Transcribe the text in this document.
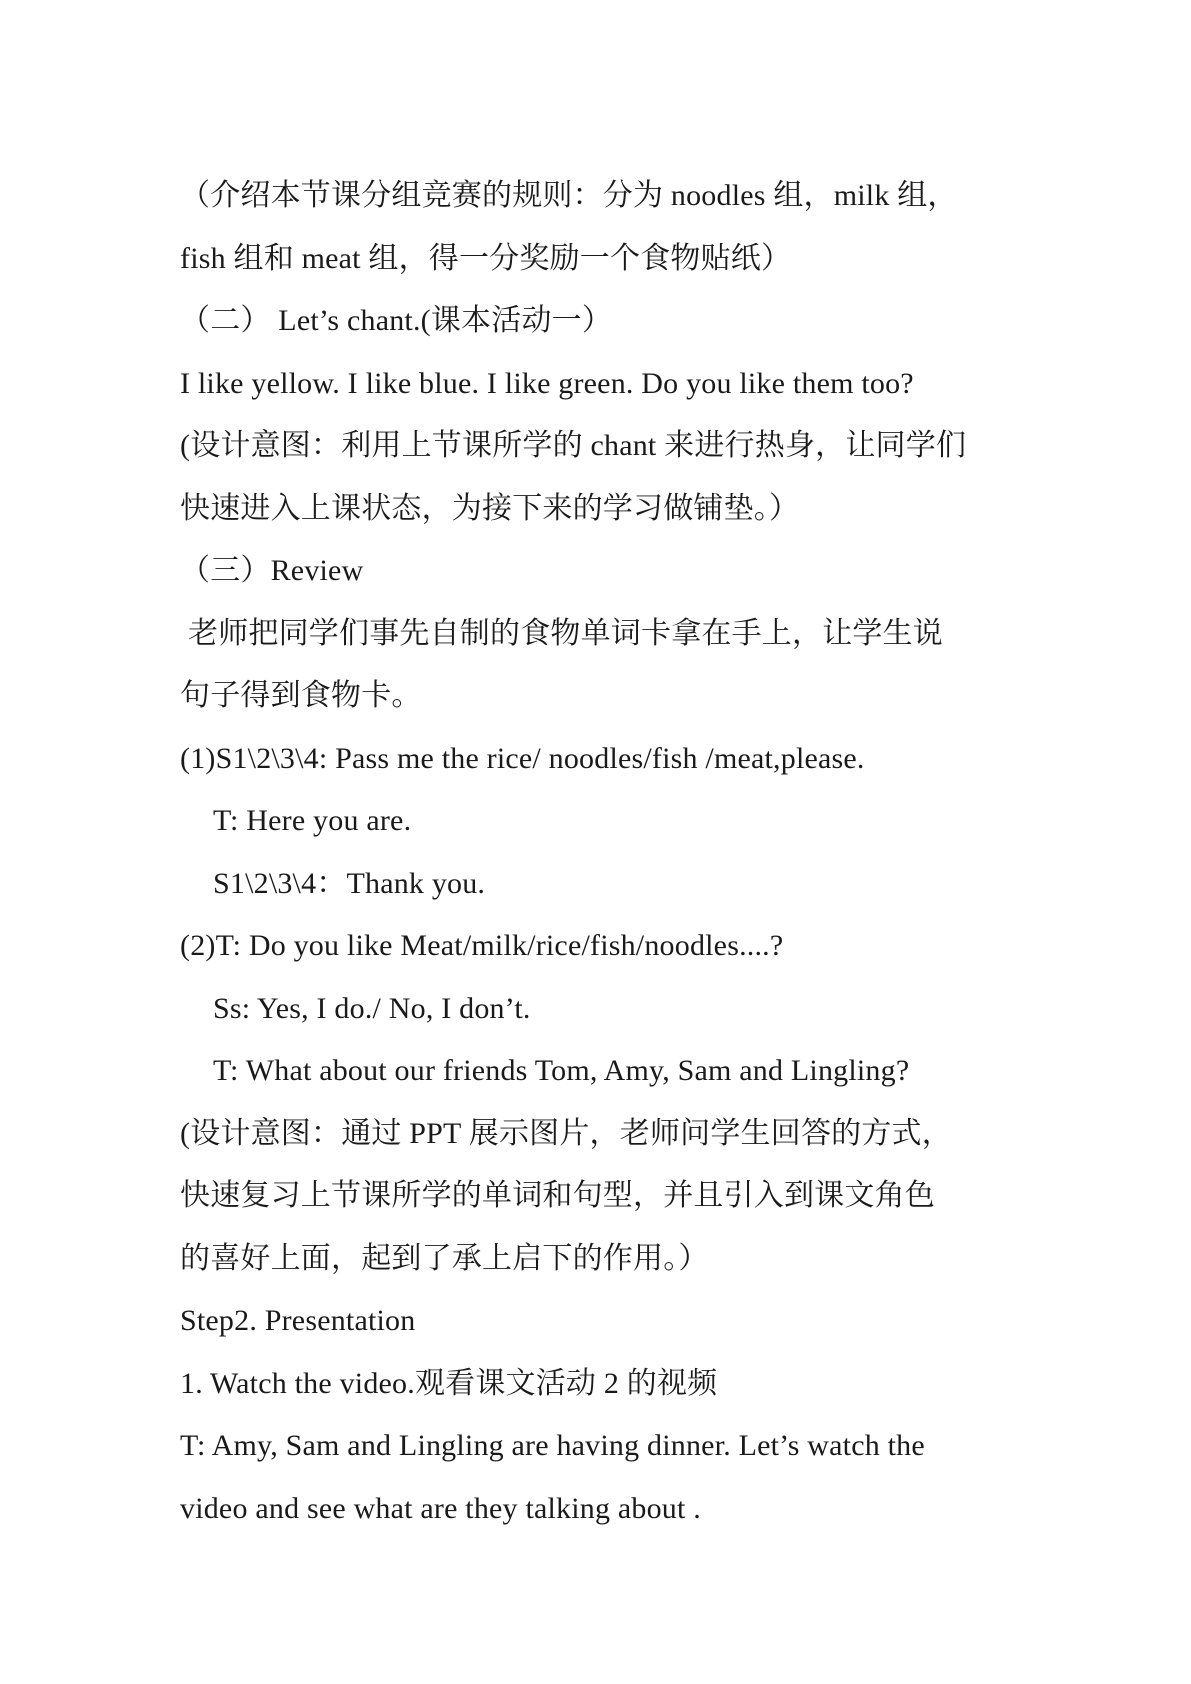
（介绍本节课分组竞赛的规则：分为 noodles 组，milk 组，
fish 组和 meat 组，得一分奖励一个食物贴纸）
（二） Let’s chant.(课本活动一）
I like yellow. I like blue. I like green. Do you like them too?
(设计意图：利用上节课所学的 chant 来进行热身，让同学们
快速进入上课状态，为接下来的学习做铺垫。）
（三）Review
老师把同学们事先自制的食物单词卡拿在手上，让学生说
句子得到食物卡。
(1)S1\2\3\4: Pass me the rice/ noodles/fish /meat,please.
T: Here you are.
S1\2\3\4：Thank you.
(2)T: Do you like Meat/milk/rice/fish/noodles....?
Ss: Yes, I do./ No, I don’t.
T: What about our friends Tom, Amy, Sam and Lingling?
(设计意图：通过 PPT 展示图片，老师问学生回答的方式，
快速复习上节课所学的单词和句型，并且引入到课文角色
的喜好上面，起到了承上启下的作用。）
Step2. Presentation
1. Watch the video.观看课文活动 2 的视频
T: Amy, Sam and Lingling are having dinner. Let’s watch the
video and see what are they talking about .
